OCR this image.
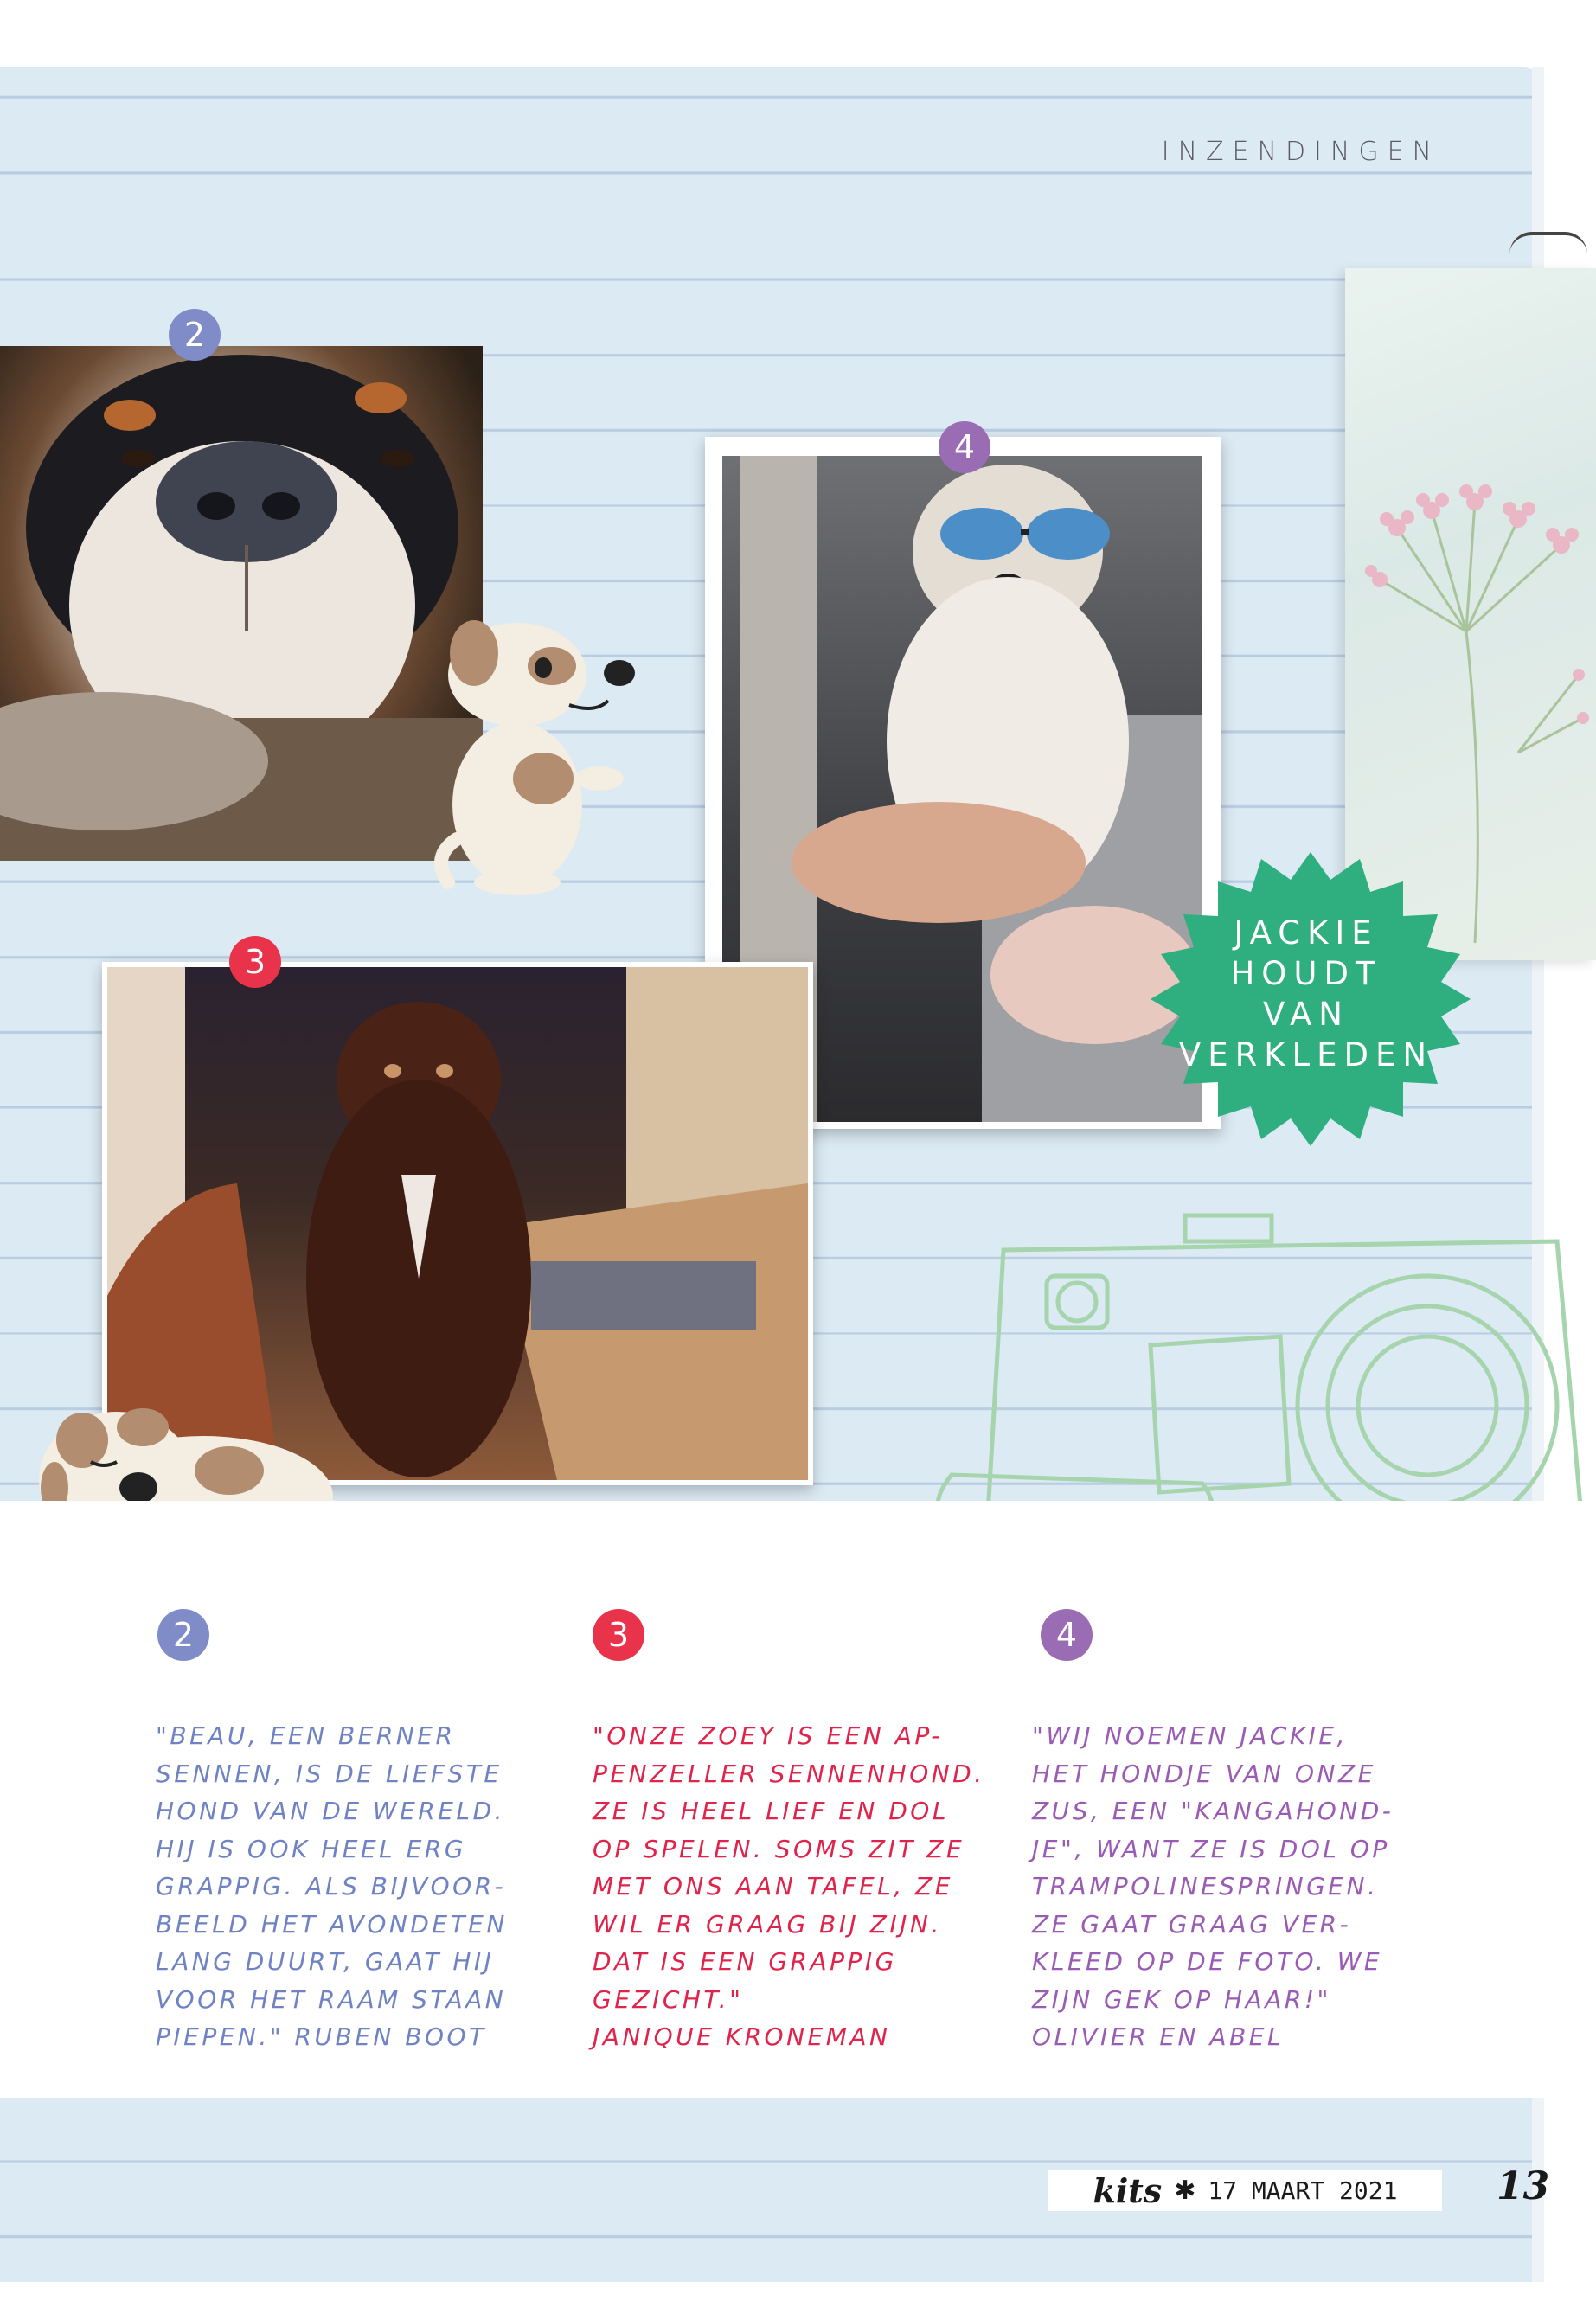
INZENDINGEN
2
4
JACKIE
HOUDT
VAN
VERKLEDEN
3
2	3	4

"BEAU, EEN BERNER
SENNEN, IS DE LIEFSTE
HOND VAN DE WERELD.
HIJ IS OOK HEEL ERG
GRAPPIG. ALS BIJVOOR-
BEELD HET AVONDETEN
LANG DUURT, GAAT HIJ
VOOR HET RAAM STAAN
PIEPEN." RUBEN BOOT

"ONZE ZOEY IS EEN AP-
PENZELLER SENNENHOND.
ZE IS HEEL LIEF EN DOL
OP SPELEN. SOMS ZIT ZE
MET ONS AAN TAFEL, ZE
WIL ER GRAAG BIJ ZIJN.
DAT IS EEN GRAPPIG
GEZICHT."
JANIQUE KRONEMAN

"WIJ NOEMEN JACKIE,
HET HONDJE VAN ONZE
ZUS, EEN "KANGAHOND-
JE", WANT ZE IS DOL OP
TRAMPOLINESPRINGEN.
ZE GAAT GRAAG VER-
KLEED OP DE FOTO. WE
ZIJN GEK OP HAAR!"
OLIVIER EN ABEL

kits ✱ 17 MAART 2021	13
